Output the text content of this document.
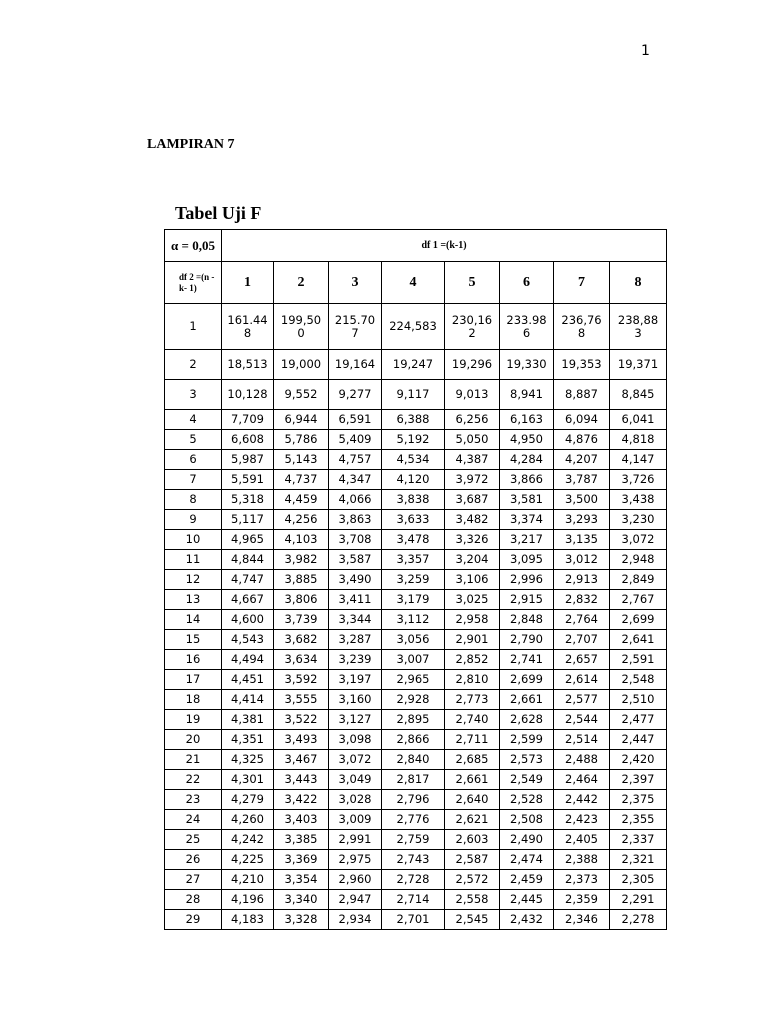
1
LAMPIRAN 7
Tabel Uji F
α = 0,05	df 1 =(k-1)							
df 2 =(n -k- 1)	1	2	3	4	5	6	7	8
1	161.448	199,500	215.707	224,583	230,162	233.986	236,768	238,883
2	18,513	19,000	19,164	19,247	19,296	19,330	19,353	19,371
3	10,128	9,552	9,277	9,117	9,013	8,941	8,887	8,845
4	7,709	6,944	6,591	6,388	6,256	6,163	6,094	6,041
5	6,608	5,786	5,409	5,192	5,050	4,950	4,876	4,818
6	5,987	5,143	4,757	4,534	4,387	4,284	4,207	4,147
7	5,591	4,737	4,347	4,120	3,972	3,866	3,787	3,726
8	5,318	4,459	4,066	3,838	3,687	3,581	3,500	3,438
9	5,117	4,256	3,863	3,633	3,482	3,374	3,293	3,230
10	4,965	4,103	3,708	3,478	3,326	3,217	3,135	3,072
11	4,844	3,982	3,587	3,357	3,204	3,095	3,012	2,948
12	4,747	3,885	3,490	3,259	3,106	2,996	2,913	2,849
13	4,667	3,806	3,411	3,179	3,025	2,915	2,832	2,767
14	4,600	3,739	3,344	3,112	2,958	2,848	2,764	2,699
15	4,543	3,682	3,287	3,056	2,901	2,790	2,707	2,641
16	4,494	3,634	3,239	3,007	2,852	2,741	2,657	2,591
17	4,451	3,592	3,197	2,965	2,810	2,699	2,614	2,548
18	4,414	3,555	3,160	2,928	2,773	2,661	2,577	2,510
19	4,381	3,522	3,127	2,895	2,740	2,628	2,544	2,477
20	4,351	3,493	3,098	2,866	2,711	2,599	2,514	2,447
21	4,325	3,467	3,072	2,840	2,685	2,573	2,488	2,420
22	4,301	3,443	3,049	2,817	2,661	2,549	2,464	2,397
23	4,279	3,422	3,028	2,796	2,640	2,528	2,442	2,375
24	4,260	3,403	3,009	2,776	2,621	2,508	2,423	2,355
25	4,242	3,385	2,991	2,759	2,603	2,490	2,405	2,337
26	4,225	3,369	2,975	2,743	2,587	2,474	2,388	2,321
27	4,210	3,354	2,960	2,728	2,572	2,459	2,373	2,305
28	4,196	3,340	2,947	2,714	2,558	2,445	2,359	2,291
29	4,183	3,328	2,934	2,701	2,545	2,432	2,346	2,278
